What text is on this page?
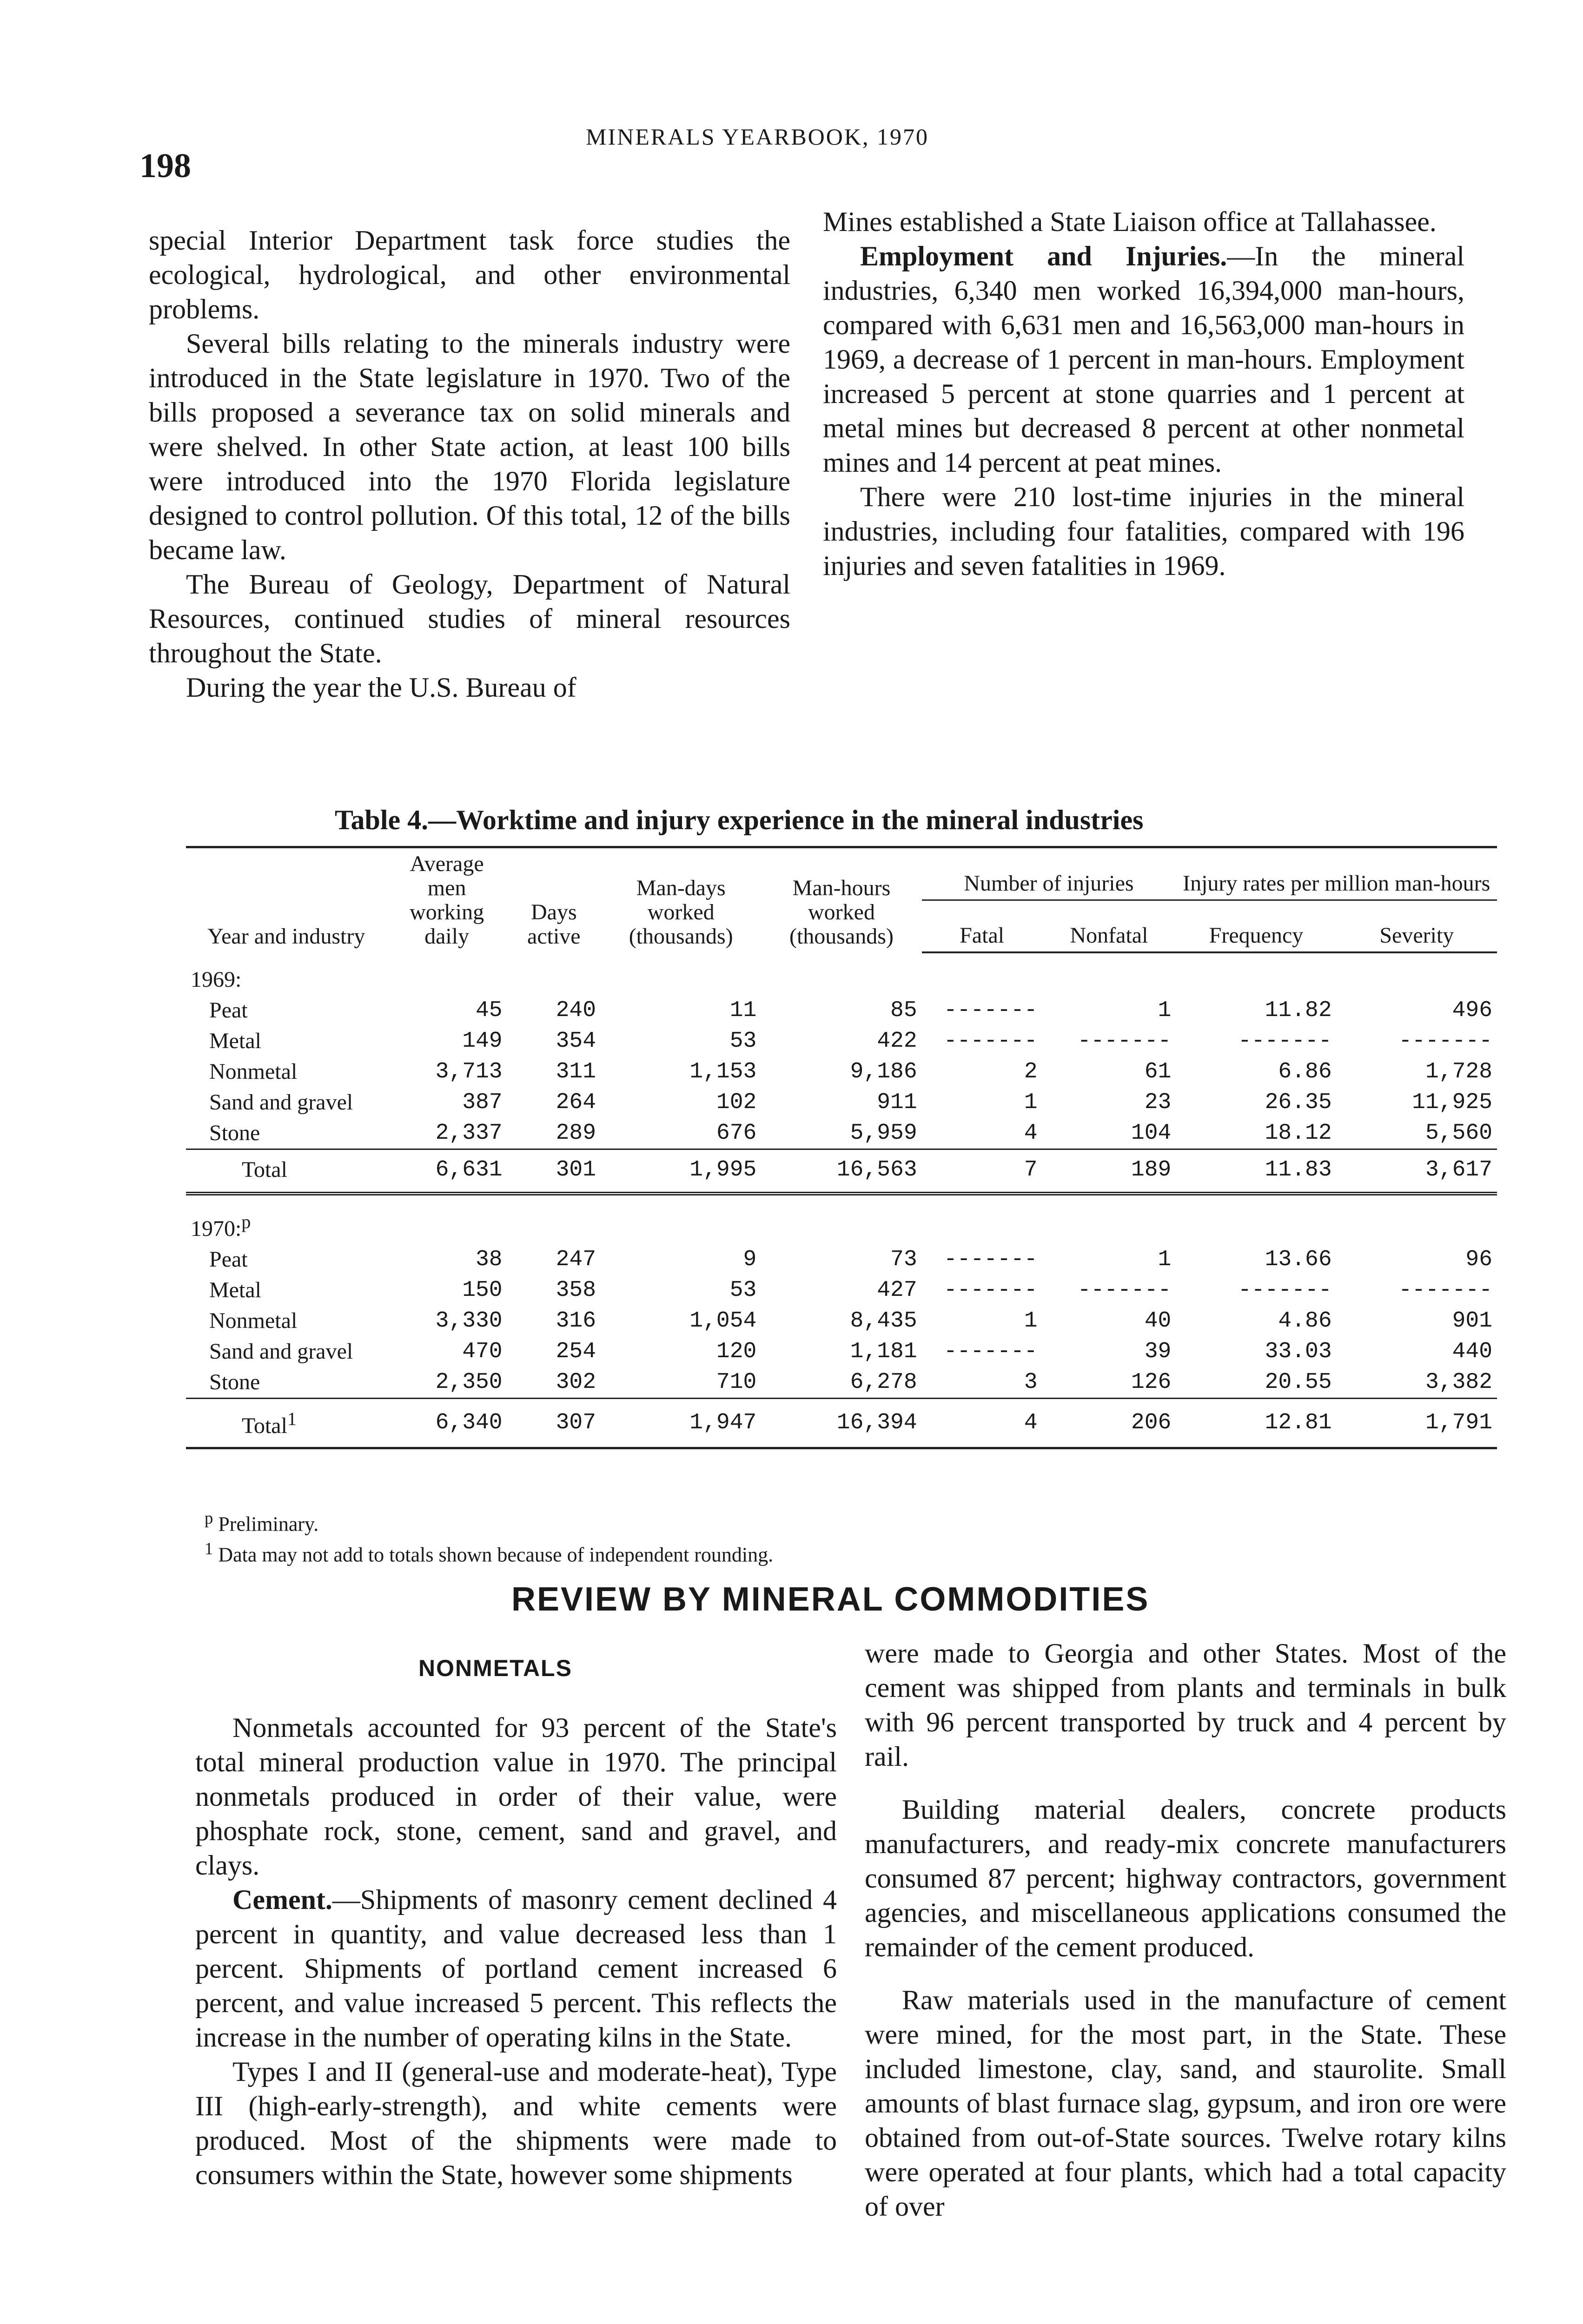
198
MINERALS YEARBOOK, 1970

special Interior Department task force studies the ecological, hydrological, and other environmental problems.

Several bills relating to the minerals industry were introduced in the State legislature in 1970. Two of the bills proposed a severance tax on solid minerals and were shelved. In other State action, at least 100 bills were introduced into the 1970 Florida legislature designed to control pollution. Of this total, 12 of the bills became law.

The Bureau of Geology, Department of Natural Resources, continued studies of mineral resources throughout the State.

During the year the U.S. Bureau of

Mines established a State Liaison office at Tallahassee.

Employment and Injuries.—In the mineral industries, 6,340 men worked 16,394,000 man-hours, compared with 6,631 men and 16,563,000 man-hours in 1969, a decrease of 1 percent in man-hours. Employment increased 5 percent at stone quarries and 1 percent at metal mines but decreased 8 percent at other nonmetal mines and 14 percent at peat mines.

There were 210 lost-time injuries in the mineral industries, including four fatalities, compared with 196 injuries and seven fatalities in 1969.

Table 4.—Worktime and injury experience in the mineral industries
Year and industry	Average men working daily	Days active	Man-days worked (thousands)	Man-hours worked (thousands)	Number of injuries		Injury rates per million man-hours	
					Fatal	Nonfatal	Frequency	Severity
1969:								
Peat	45	240	11	85	-------	1	11.82	496
Metal	149	354	53	422	-------	-------	-------	-------
Nonmetal	3,713	311	1,153	9,186	2	61	6.86	1,728
Sand and gravel	387	264	102	911	1	23	26.35	11,925
Stone	2,337	289	676	5,959	4	104	18.12	5,560
Total	6,631	301	1,995	16,563	7	189	11.83	3,617

1970:$^p$
Peat	38	247	9	73	-------	1	13.66	96
Metal	150	358	53	427	-------	-------	-------	-------
Nonmetal	3,330	316	1,054	8,435	1	40	4.86	901
Sand and gravel	470	254	120	1,181	-------	39	33.03	440
Stone	2,350	302	710	6,278	3	126	20.55	3,382
Total$^1$	6,340	307	1,947	16,394	4	206	12.81	1,791

$^p$ Preliminary.
$^1$ Data may not add to totals shown because of independent rounding.
REVIEW BY MINERAL COMMODITIES
NONMETALS

Nonmetals accounted for 93 percent of the State's total mineral production value in 1970. The principal nonmetals produced in order of their value, were phosphate rock, stone, cement, sand and gravel, and clays.

Cement.—Shipments of masonry cement declined 4 percent in quantity, and value decreased less than 1 percent. Shipments of portland cement increased 6 percent, and value increased 5 percent. This reflects the increase in the number of operating kilns in the State.

Types I and II (general-use and moderate-heat), Type III (high-early-strength), and white cements were produced. Most of the shipments were made to consumers within the State, however some shipments

were made to Georgia and other States. Most of the cement was shipped from plants and terminals in bulk with 96 percent transported by truck and 4 percent by rail.

Building material dealers, concrete products manufacturers, and ready-mix concrete manufacturers consumed 87 percent; highway contractors, government agencies, and miscellaneous applications consumed the remainder of the cement produced.

Raw materials used in the manufacture of cement were mined, for the most part, in the State. These included limestone, clay, sand, and staurolite. Small amounts of blast furnace slag, gypsum, and iron ore were obtained from out-of-State sources. Twelve rotary kilns were operated at four plants, which had a total capacity of over
